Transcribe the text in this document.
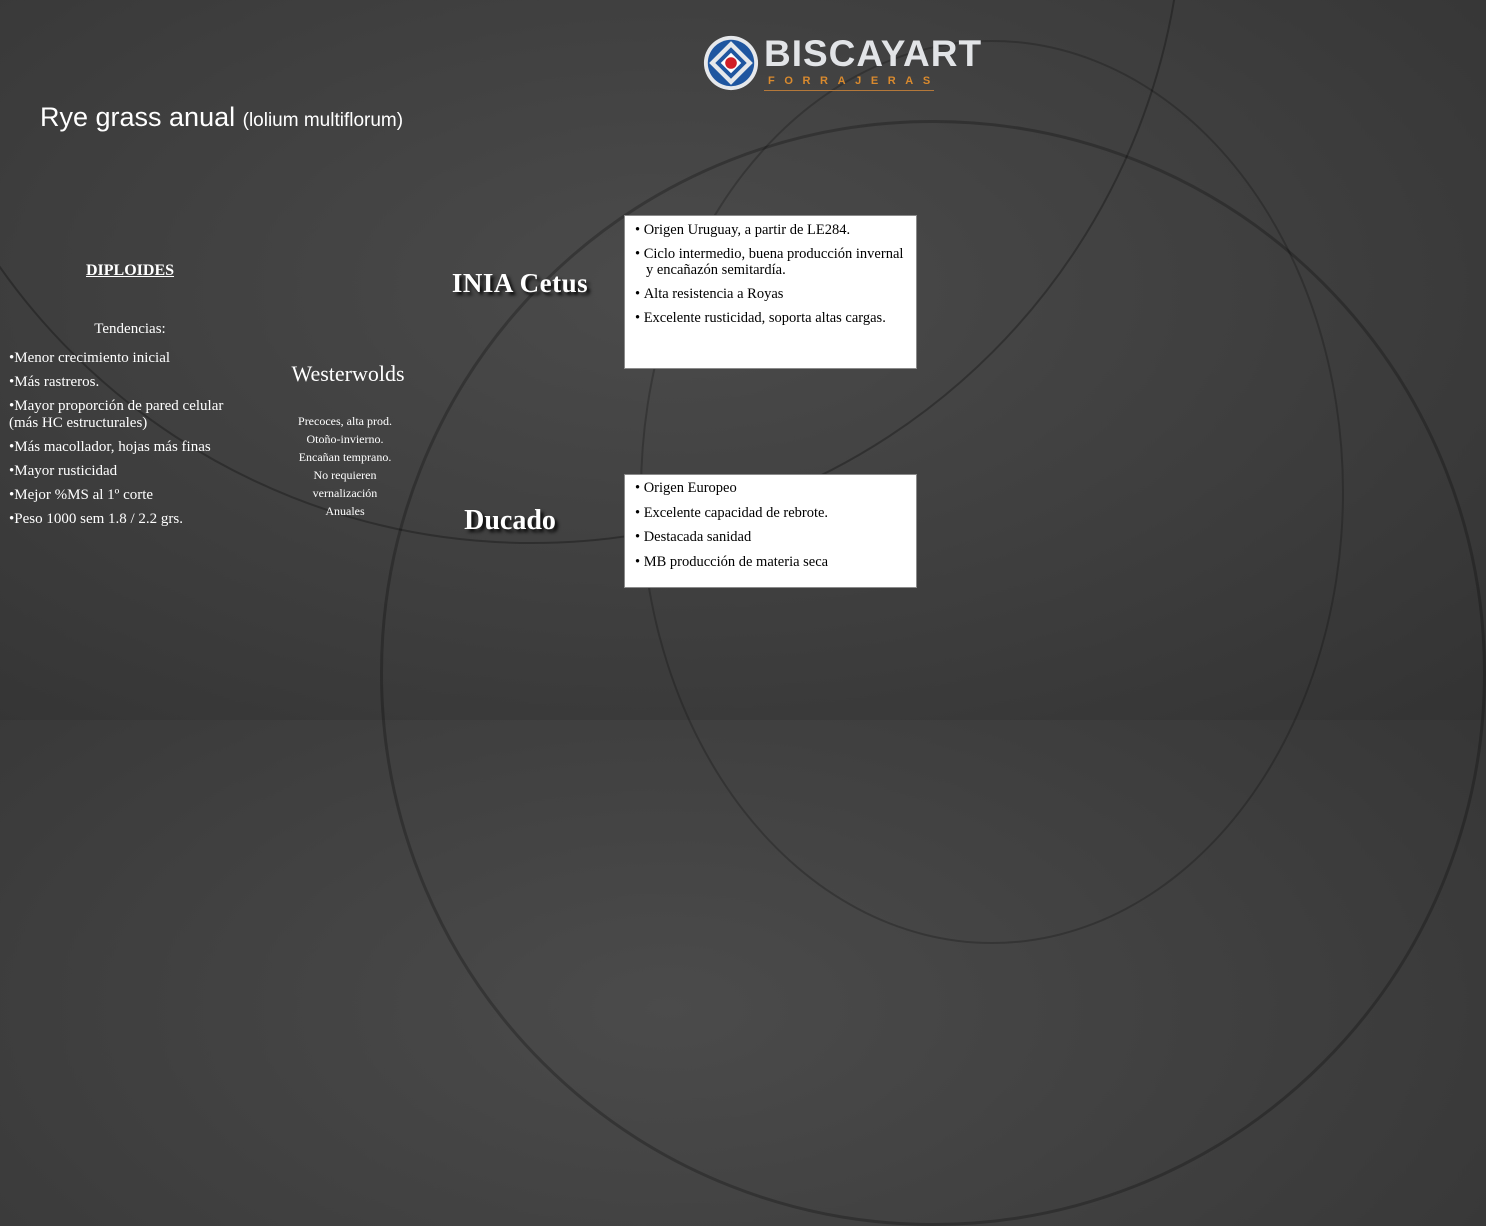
BISCAYART
FORRAJERAS
Rye grass anual (lolium multiflorum)
DIPLOIDES
Tendencias:
• Menor crecimiento inicial
• Más rastreros.
• Mayor proporción de pared celular (más HC estructurales)
• Más macollador, hojas más finas
• Mayor rusticidad
• Mejor %MS al 1º corte
• Peso 1000 sem 1.8 / 2.2 grs.
Westerwolds
Precoces, alta prod.
Otoño-invierno.
Encañan temprano.
No requieren
vernalización
Anuales
INIA Cetus
• Origen Uruguay, a partir de LE284.
• Ciclo intermedio, buena producción invernal y encañazón semitardía.
• Alta resistencia a Royas
• Excelente rusticidad, soporta altas cargas.
Ducado
• Origen Europeo
• Excelente capacidad de rebrote.
• Destacada sanidad
• MB producción de materia seca
